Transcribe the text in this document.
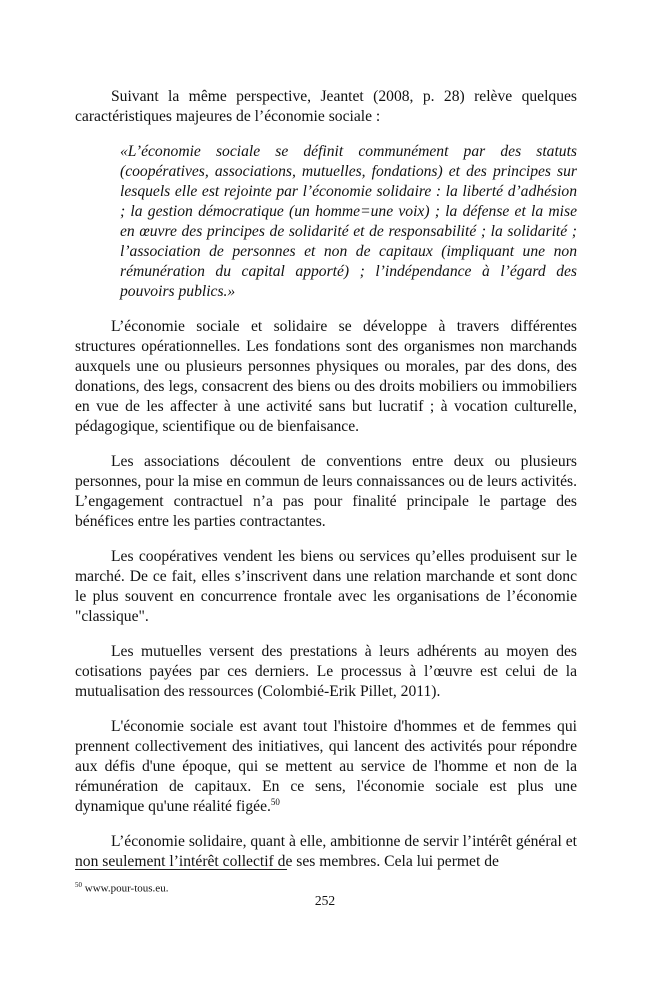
Suivant la même perspective, Jeantet (2008, p. 28) relève quelques caractéristiques majeures de l’économie sociale :

«L’économie sociale se définit communément par des statuts (coopératives, associations, mutuelles, fondations) et des principes sur lesquels elle est rejointe par l’économie solidaire : la liberté d’adhésion ; la gestion démocratique (un homme=une voix) ; la défense et la mise en œuvre des principes de solidarité et de responsabilité ; la solidarité ; l’association de personnes et non de capitaux (impliquant une non rémunération du capital apporté) ; l’indépendance à l’égard des pouvoirs publics.»

L’économie sociale et solidaire se développe à travers différentes structures opérationnelles. Les fondations sont des organismes non marchands auxquels une ou plusieurs personnes physiques ou morales, par des dons, des donations, des legs, consacrent des biens ou des droits mobiliers ou immobiliers en vue de les affecter à une activité sans but lucratif ; à vocation culturelle, pédagogique, scientifique ou de bienfaisance.

Les associations découlent de conventions entre deux ou plusieurs personnes, pour la mise en commun de leurs connaissances ou de leurs activités. L’engagement contractuel n’a pas pour finalité principale le partage des bénéfices entre les parties contractantes.

Les coopératives vendent les biens ou services qu’elles produisent sur le marché. De ce fait, elles s’inscrivent dans une relation marchande et sont donc le plus souvent en concurrence frontale avec les organisations de l’économie "classique".

Les mutuelles versent des prestations à leurs adhérents au moyen des cotisations payées par ces derniers. Le processus à l’œuvre est celui de la mutualisation des ressources (Colombié-Erik Pillet, 2011).

L'économie sociale est avant tout l'histoire d'hommes et de femmes qui prennent collectivement des initiatives, qui lancent des activités pour répondre aux défis d'une époque, qui se mettent au service de l'homme et non de la rémunération de capitaux. En ce sens, l'économie sociale est plus une dynamique qu'une réalité figée.$^{50}$

L’économie solidaire, quant à elle, ambitionne de servir l’intérêt général et non seulement l’intérêt collectif de ses membres. Cela lui permet de

$^{50}$ www.pour-tous.eu.
252
